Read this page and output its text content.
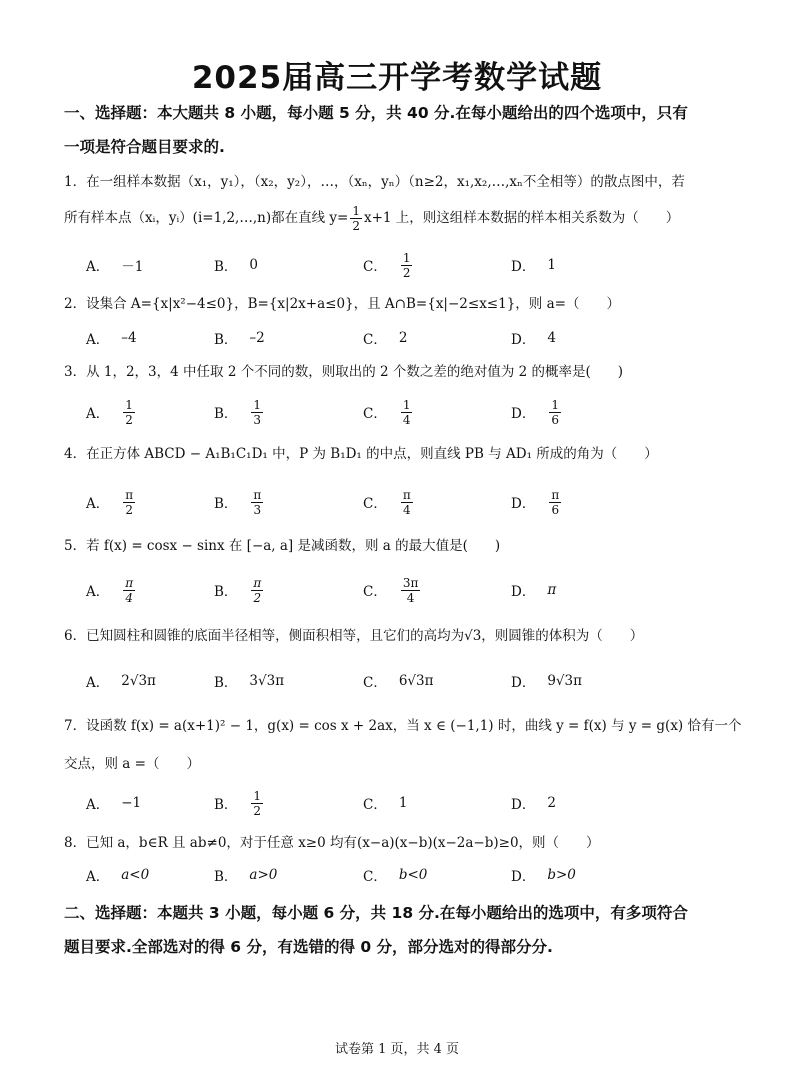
2025届高三开学考数学试题
一、选择题：本大题共 8 小题，每小题 5 分，共 40 分.在每小题给出的四个选项中，只有
一项是符合题目要求的.
1．在一组样本数据（x₁，y₁），（x₂，y₂），…，（xₙ，yₙ）（n≥2，x₁,x₂,…,xₙ不全相等）的散点图中，若
所有样本点（xᵢ，yᵢ）(i=1,2,…,n)都在直线 $y= \frac{1}{2} x+1$ 上，则这组样本数据的样本相关系数为（　　）
A． －1	B． 0	C． $\frac{1}{2}$	D． 1
2．设集合 A={x|x²−4≤0}，B={x|2x+a≤0}，且 A∩B={x|−2≤x≤1}，则 a=（　　）
A． –4	B． –2	C． 2	D． 4
3．从 1，2，3，4 中任取 2 个不同的数，则取出的 2 个数之差的绝对值为 2 的概率是(　　)
A． $\frac{1}{2}$	B． $\frac{1}{3}$	C． $\frac{1}{4}$	D． $\frac{1}{6}$
4．在正方体 ABCD − A₁B₁C₁D₁ 中，P 为 B₁D₁ 的中点，则直线 PB 与 AD₁ 所成的角为（　　）
A． $\frac{\pi}{2}$	B． $\frac{\pi}{3}$	C． $\frac{\pi}{4}$	D． $\frac{\pi}{6}$
5．若 f(x) = cosx − sinx 在 [−a, a] 是减函数，则 a 的最大值是(　　)
A． $\frac{\pi}{4}$	B． $\frac{\pi}{2}$	C． $\frac{3\pi}{4}$	D． π
6．已知圆柱和圆锥的底面半径相等，侧面积相等，且它们的高均为√3，则圆锥的体积为（　　）
A． 2√3π	B． 3√3π	C． 6√3π	D． 9√3π
7．设函数 f(x) = a(x+1)² − 1，g(x) = cos x + 2ax，当 x ∈ (−1,1) 时，曲线 y = f(x) 与 y = g(x) 恰有一个
交点，则 a =（　　）
A． −1	B． $\frac{1}{2}$	C． 1	D． 2
8．已知 a，b∈R 且 ab≠0，对于任意 x≥0 均有(x−a)(x−b)(x−2a−b)≥0，则（　　）
A． a<0	B． a>0	C． b<0	D． b>0
二、选择题：本题共 3 小题，每小题 6 分，共 18 分.在每小题给出的选项中，有多项符合
题目要求.全部选对的得 6 分，有选错的得 0 分，部分选对的得部分分.
试卷第 1 页，共 4 页
